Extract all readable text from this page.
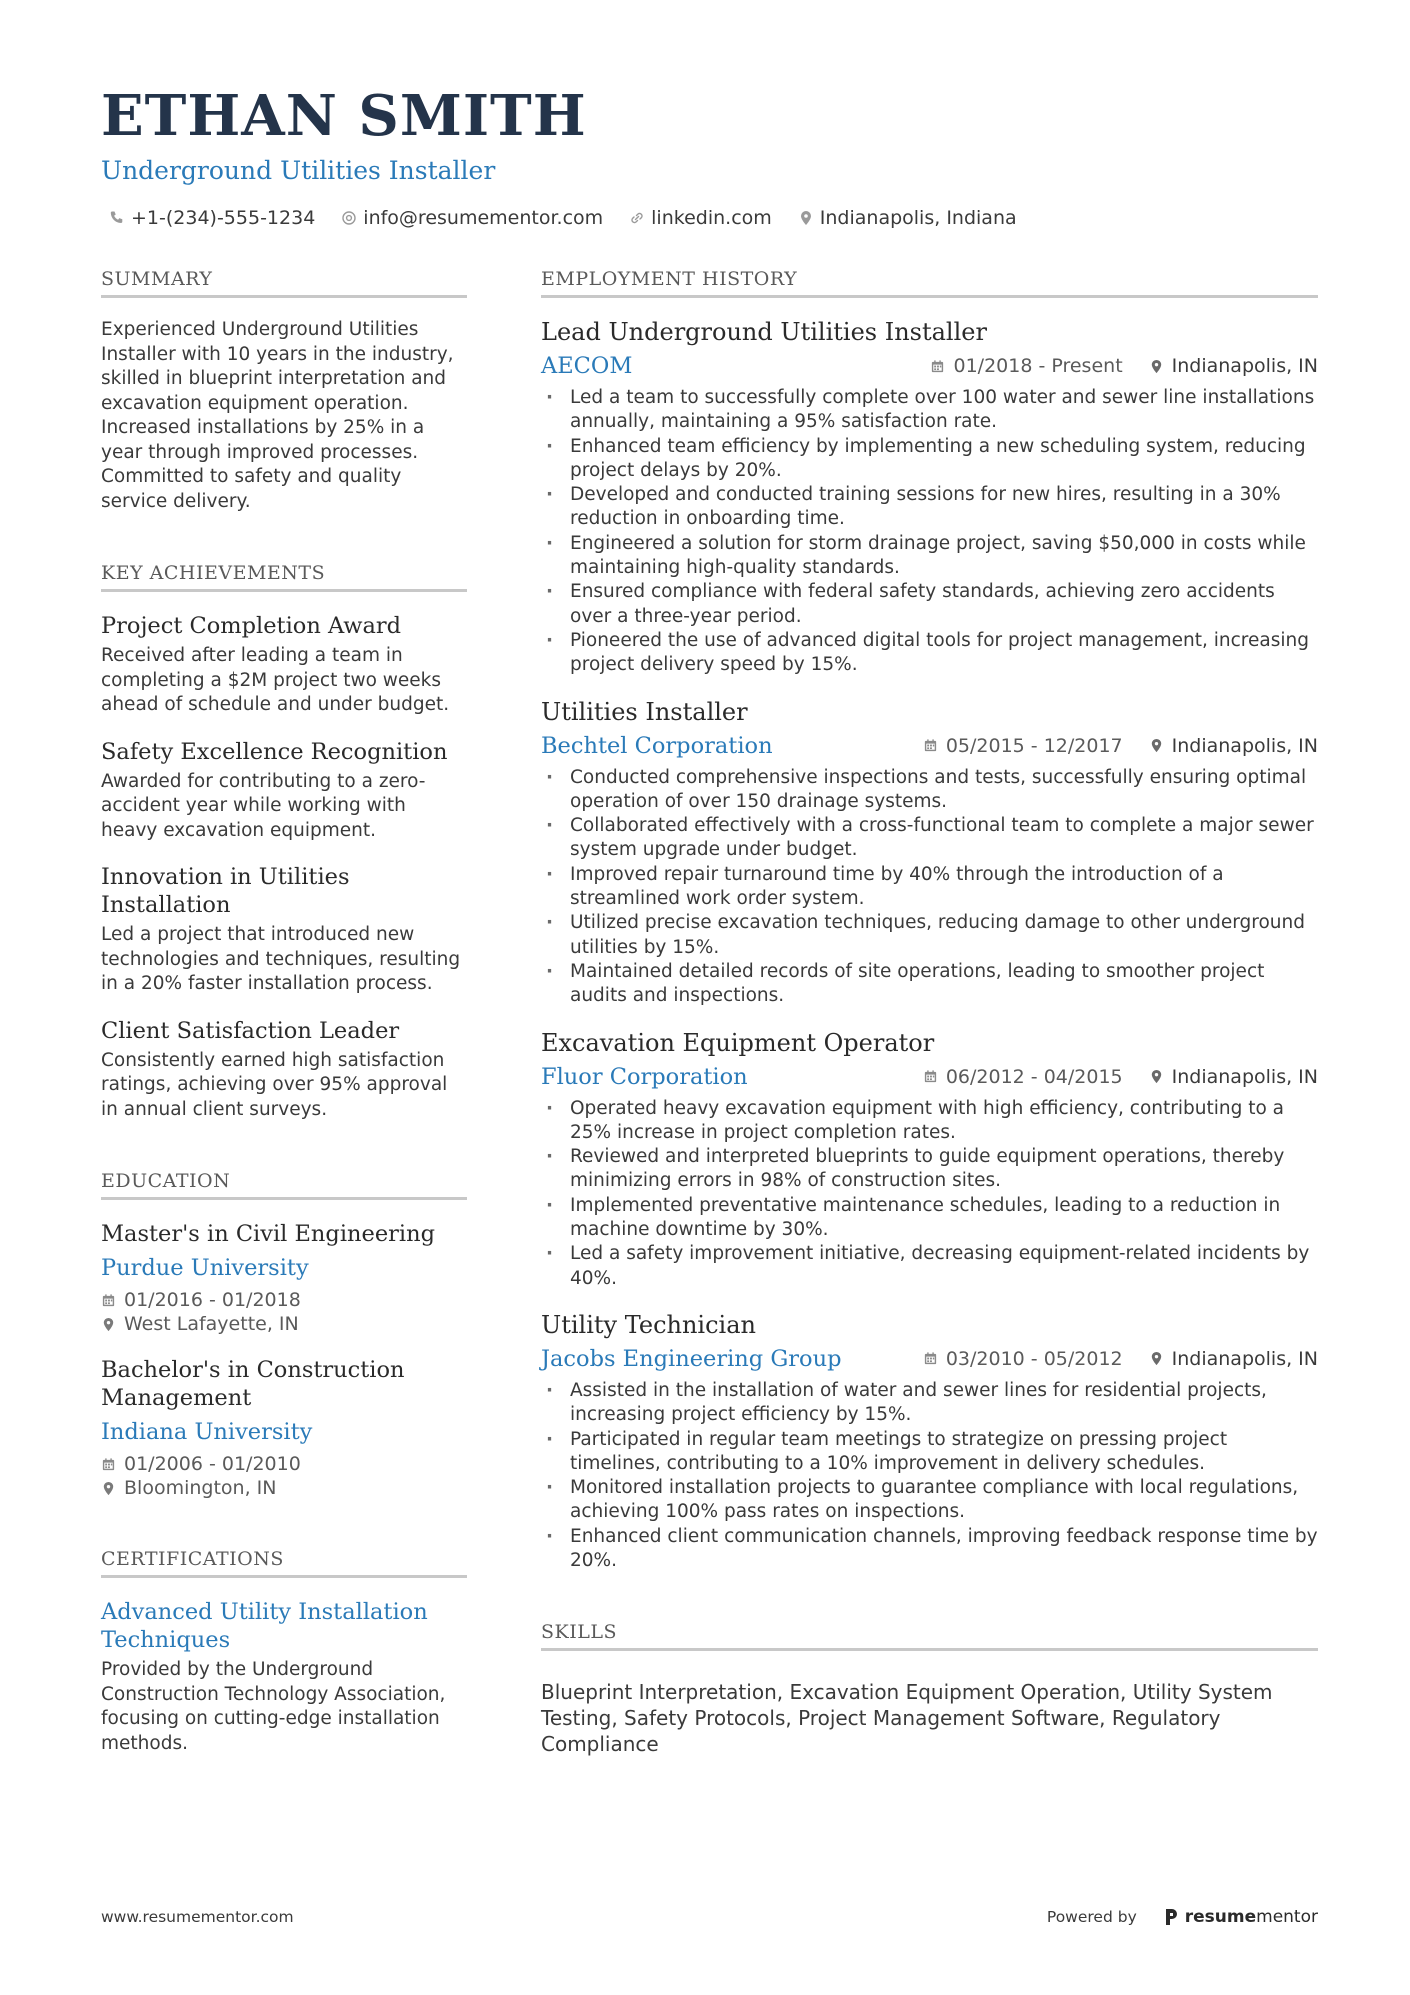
ETHAN SMITH
Underground Utilities Installer
+1-(234)-555-1234	info@resumementor.com	linkedin.com	Indianapolis, Indiana
SUMMARY
Experienced Underground Utilities Installer with 10 years in the industry, skilled in blueprint interpretation and excavation equipment operation. Increased installations by 25% in a year through improved processes. Committed to safety and quality service delivery.
KEY ACHIEVEMENTS
Project Completion Award
Received after leading a team in completing a $2M project two weeks ahead of schedule and under budget.
Safety Excellence Recognition
Awarded for contributing to a zero-accident year while working with heavy excavation equipment.
Innovation in Utilities Installation
Led a project that introduced new technologies and techniques, resulting in a 20% faster installation process.
Client Satisfaction Leader
Consistently earned high satisfaction ratings, achieving over 95% approval in annual client surveys.
EDUCATION
Master's in Civil Engineering
Purdue University
01/2016 - 01/2018
West Lafayette, IN
Bachelor's in Construction Management
Indiana University
01/2006 - 01/2010
Bloomington, IN
CERTIFICATIONS
Advanced Utility Installation Techniques
Provided by the Underground Construction Technology Association, focusing on cutting-edge installation methods.
EMPLOYMENT HISTORY
Lead Underground Utilities Installer
AECOM	01/2018 - Present	Indianapolis, IN
· Led a team to successfully complete over 100 water and sewer line installations annually, maintaining a 95% satisfaction rate.
· Enhanced team efficiency by implementing a new scheduling system, reducing project delays by 20%.
· Developed and conducted training sessions for new hires, resulting in a 30% reduction in onboarding time.
· Engineered a solution for storm drainage project, saving $50,000 in costs while maintaining high-quality standards.
· Ensured compliance with federal safety standards, achieving zero accidents over a three-year period.
· Pioneered the use of advanced digital tools for project management, increasing project delivery speed by 15%.
Utilities Installer
Bechtel Corporation	05/2015 - 12/2017	Indianapolis, IN
· Conducted comprehensive inspections and tests, successfully ensuring optimal operation of over 150 drainage systems.
· Collaborated effectively with a cross-functional team to complete a major sewer system upgrade under budget.
· Improved repair turnaround time by 40% through the introduction of a streamlined work order system.
· Utilized precise excavation techniques, reducing damage to other underground utilities by 15%.
· Maintained detailed records of site operations, leading to smoother project audits and inspections.
Excavation Equipment Operator
Fluor Corporation	06/2012 - 04/2015	Indianapolis, IN
· Operated heavy excavation equipment with high efficiency, contributing to a 25% increase in project completion rates.
· Reviewed and interpreted blueprints to guide equipment operations, thereby minimizing errors in 98% of construction sites.
· Implemented preventative maintenance schedules, leading to a reduction in machine downtime by 30%.
· Led a safety improvement initiative, decreasing equipment-related incidents by 40%.
Utility Technician
Jacobs Engineering Group	03/2010 - 05/2012	Indianapolis, IN
· Assisted in the installation of water and sewer lines for residential projects, increasing project efficiency by 15%.
· Participated in regular team meetings to strategize on pressing project timelines, contributing to a 10% improvement in delivery schedules.
· Monitored installation projects to guarantee compliance with local regulations, achieving 100% pass rates on inspections.
· Enhanced client communication channels, improving feedback response time by 20%.
SKILLS
Blueprint Interpretation, Excavation Equipment Operation, Utility System Testing, Safety Protocols, Project Management Software, Regulatory Compliance
www.resumementor.com	Powered by	resumementor
